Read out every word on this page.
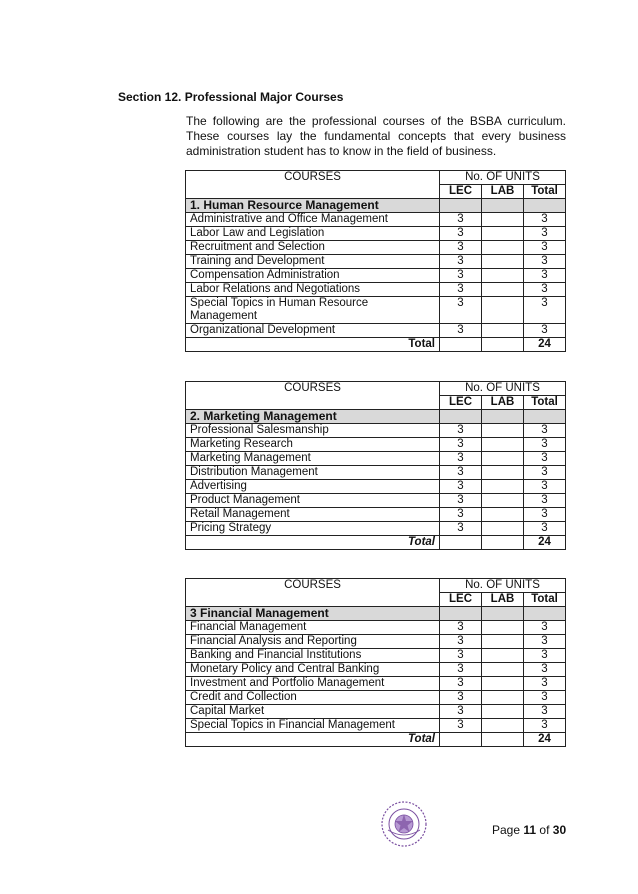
Section 12. Professional Major Courses
The following are the professional courses of the BSBA curriculum. These courses lay the fundamental concepts that every business administration student has to know in the field of business.
COURSES	No. OF UNITS		
	LEC	LAB	Total
1. Human Resource Management			
Administrative and Office Management	3		3
Labor Law and Legislation	3		3
Recruitment and Selection	3		3
Training and Development	3		3
Compensation Administration	3		3
Labor Relations and Negotiations	3		3
Special Topics in Human Resource Management	3		3
Organizational Development	3		3
Total			24
COURSES	No. OF UNITS		
	LEC	LAB	Total
2. Marketing Management			
Professional Salesmanship	3		3
Marketing Research	3		3
Marketing Management	3		3
Distribution Management	3		3
Advertising	3		3
Product Management	3		3
Retail Management	3		3
Pricing Strategy	3		3
Total			24
COURSES	No. OF UNITS		
	LEC	LAB	Total
3 Financial Management			
Financial Management	3		3
Financial Analysis and Reporting	3		3
Banking and Financial Institutions	3		3
Monetary Policy and Central Banking	3		3
Investment and Portfolio Management	3		3
Credit and Collection	3		3
Capital Market	3		3
Special Topics in Financial Management	3		3
Total			24
Page 11 of 30
